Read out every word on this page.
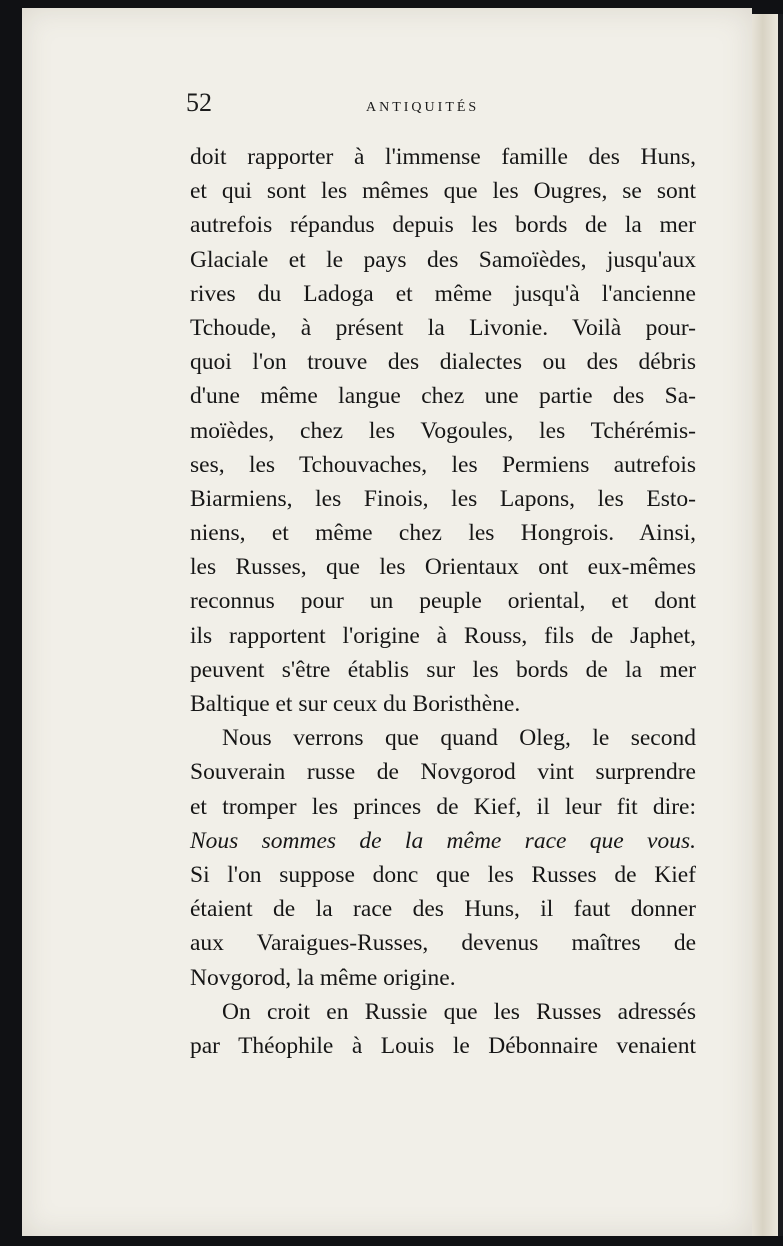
52	ANTIQUITÉS
doit rapporter à l'immense famille des Huns,
et qui sont les mêmes que les Ougres, se sont
autrefois répandus depuis les bords de la mer
Glaciale et le pays des Samoïèdes, jusqu'aux
rives du Ladoga et même jusqu'à l'ancienne
Tchoude, à présent la Livonie. Voilà pour-
quoi l'on trouve des dialectes ou des débris
d'une même langue chez une partie des Sa-
moïèdes, chez les Vogoules, les Tchérémis-
ses, les Tchouvaches, les Permiens autrefois
Biarmiens, les Finois, les Lapons, les Esto-
niens, et même chez les Hongrois. Ainsi,
les Russes, que les Orientaux ont eux-mêmes
reconnus pour un peuple oriental, et dont
ils rapportent l'origine à Rouss, fils de Japhet,
peuvent s'être établis sur les bords de la mer
Baltique et sur ceux du Boristhène.
Nous verrons que quand Oleg, le second
Souverain russe de Novgorod vint surprendre
et tromper les princes de Kief, il leur fit dire:
Nous sommes de la même race que vous.
Si l'on suppose donc que les Russes de Kief
étaient de la race des Huns, il faut donner
aux Varaigues-Russes, devenus maîtres de
Novgorod, la même origine.
On croit en Russie que les Russes adressés
par Théophile à Louis le Débonnaire venaient
